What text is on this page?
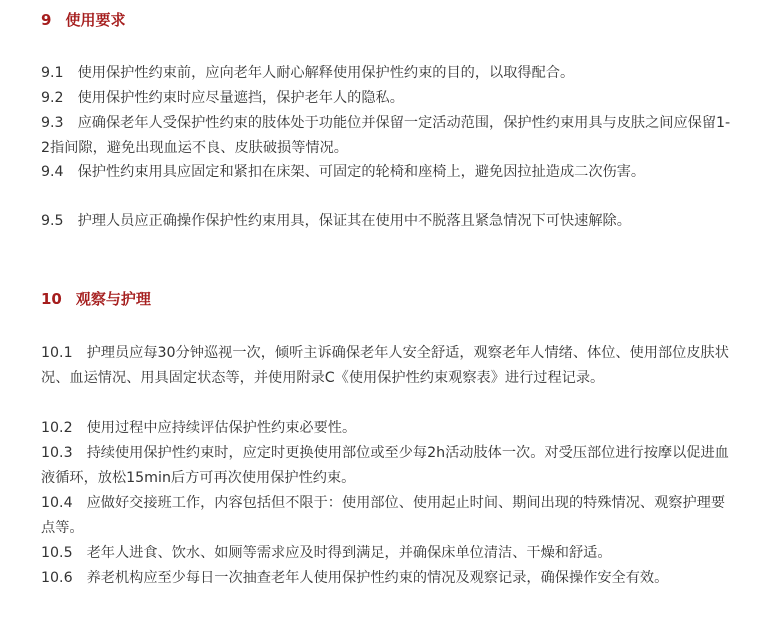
9 使用要求
9.1 使用保护性约束前，应向老年人耐心解释使用保护性约束的目的，以取得配合。
9.2 使用保护性约束时应尽量遮挡，保护老年人的隐私。
9.3 应确保老年人受保护性约束的肢体处于功能位并保留一定活动范围，保护性约束用具与皮肤之间应保留1-2指间隙，避免出现血运不良、皮肤破损等情况。
9.4 保护性约束用具应固定和紧扣在床架、可固定的轮椅和座椅上，避免因拉扯造成二次伤害。
9.5 护理人员应正确操作保护性约束用具，保证其在使用中不脱落且紧急情况下可快速解除。
10 观察与护理
10.1 护理员应每30分钟巡视一次，倾听主诉确保老年人安全舒适，观察老年人情绪、体位、使用部位皮肤状况、血运情况、用具固定状态等，并使用附录C《使用保护性约束观察表》进行过程记录。
10.2 使用过程中应持续评估保护性约束必要性。
10.3 持续使用保护性约束时，应定时更换使用部位或至少每2h活动肢体一次。对受压部位进行按摩以促进血液循环，放松15min后方可再次使用保护性约束。
10.4 应做好交接班工作，内容包括但不限于：使用部位、使用起止时间、期间出现的特殊情况、观察护理要点等。
10.5 老年人进食、饮水、如厕等需求应及时得到满足，并确保床单位清洁、干燥和舒适。
10.6 养老机构应至少每日一次抽查老年人使用保护性约束的情况及观察记录，确保操作安全有效。
